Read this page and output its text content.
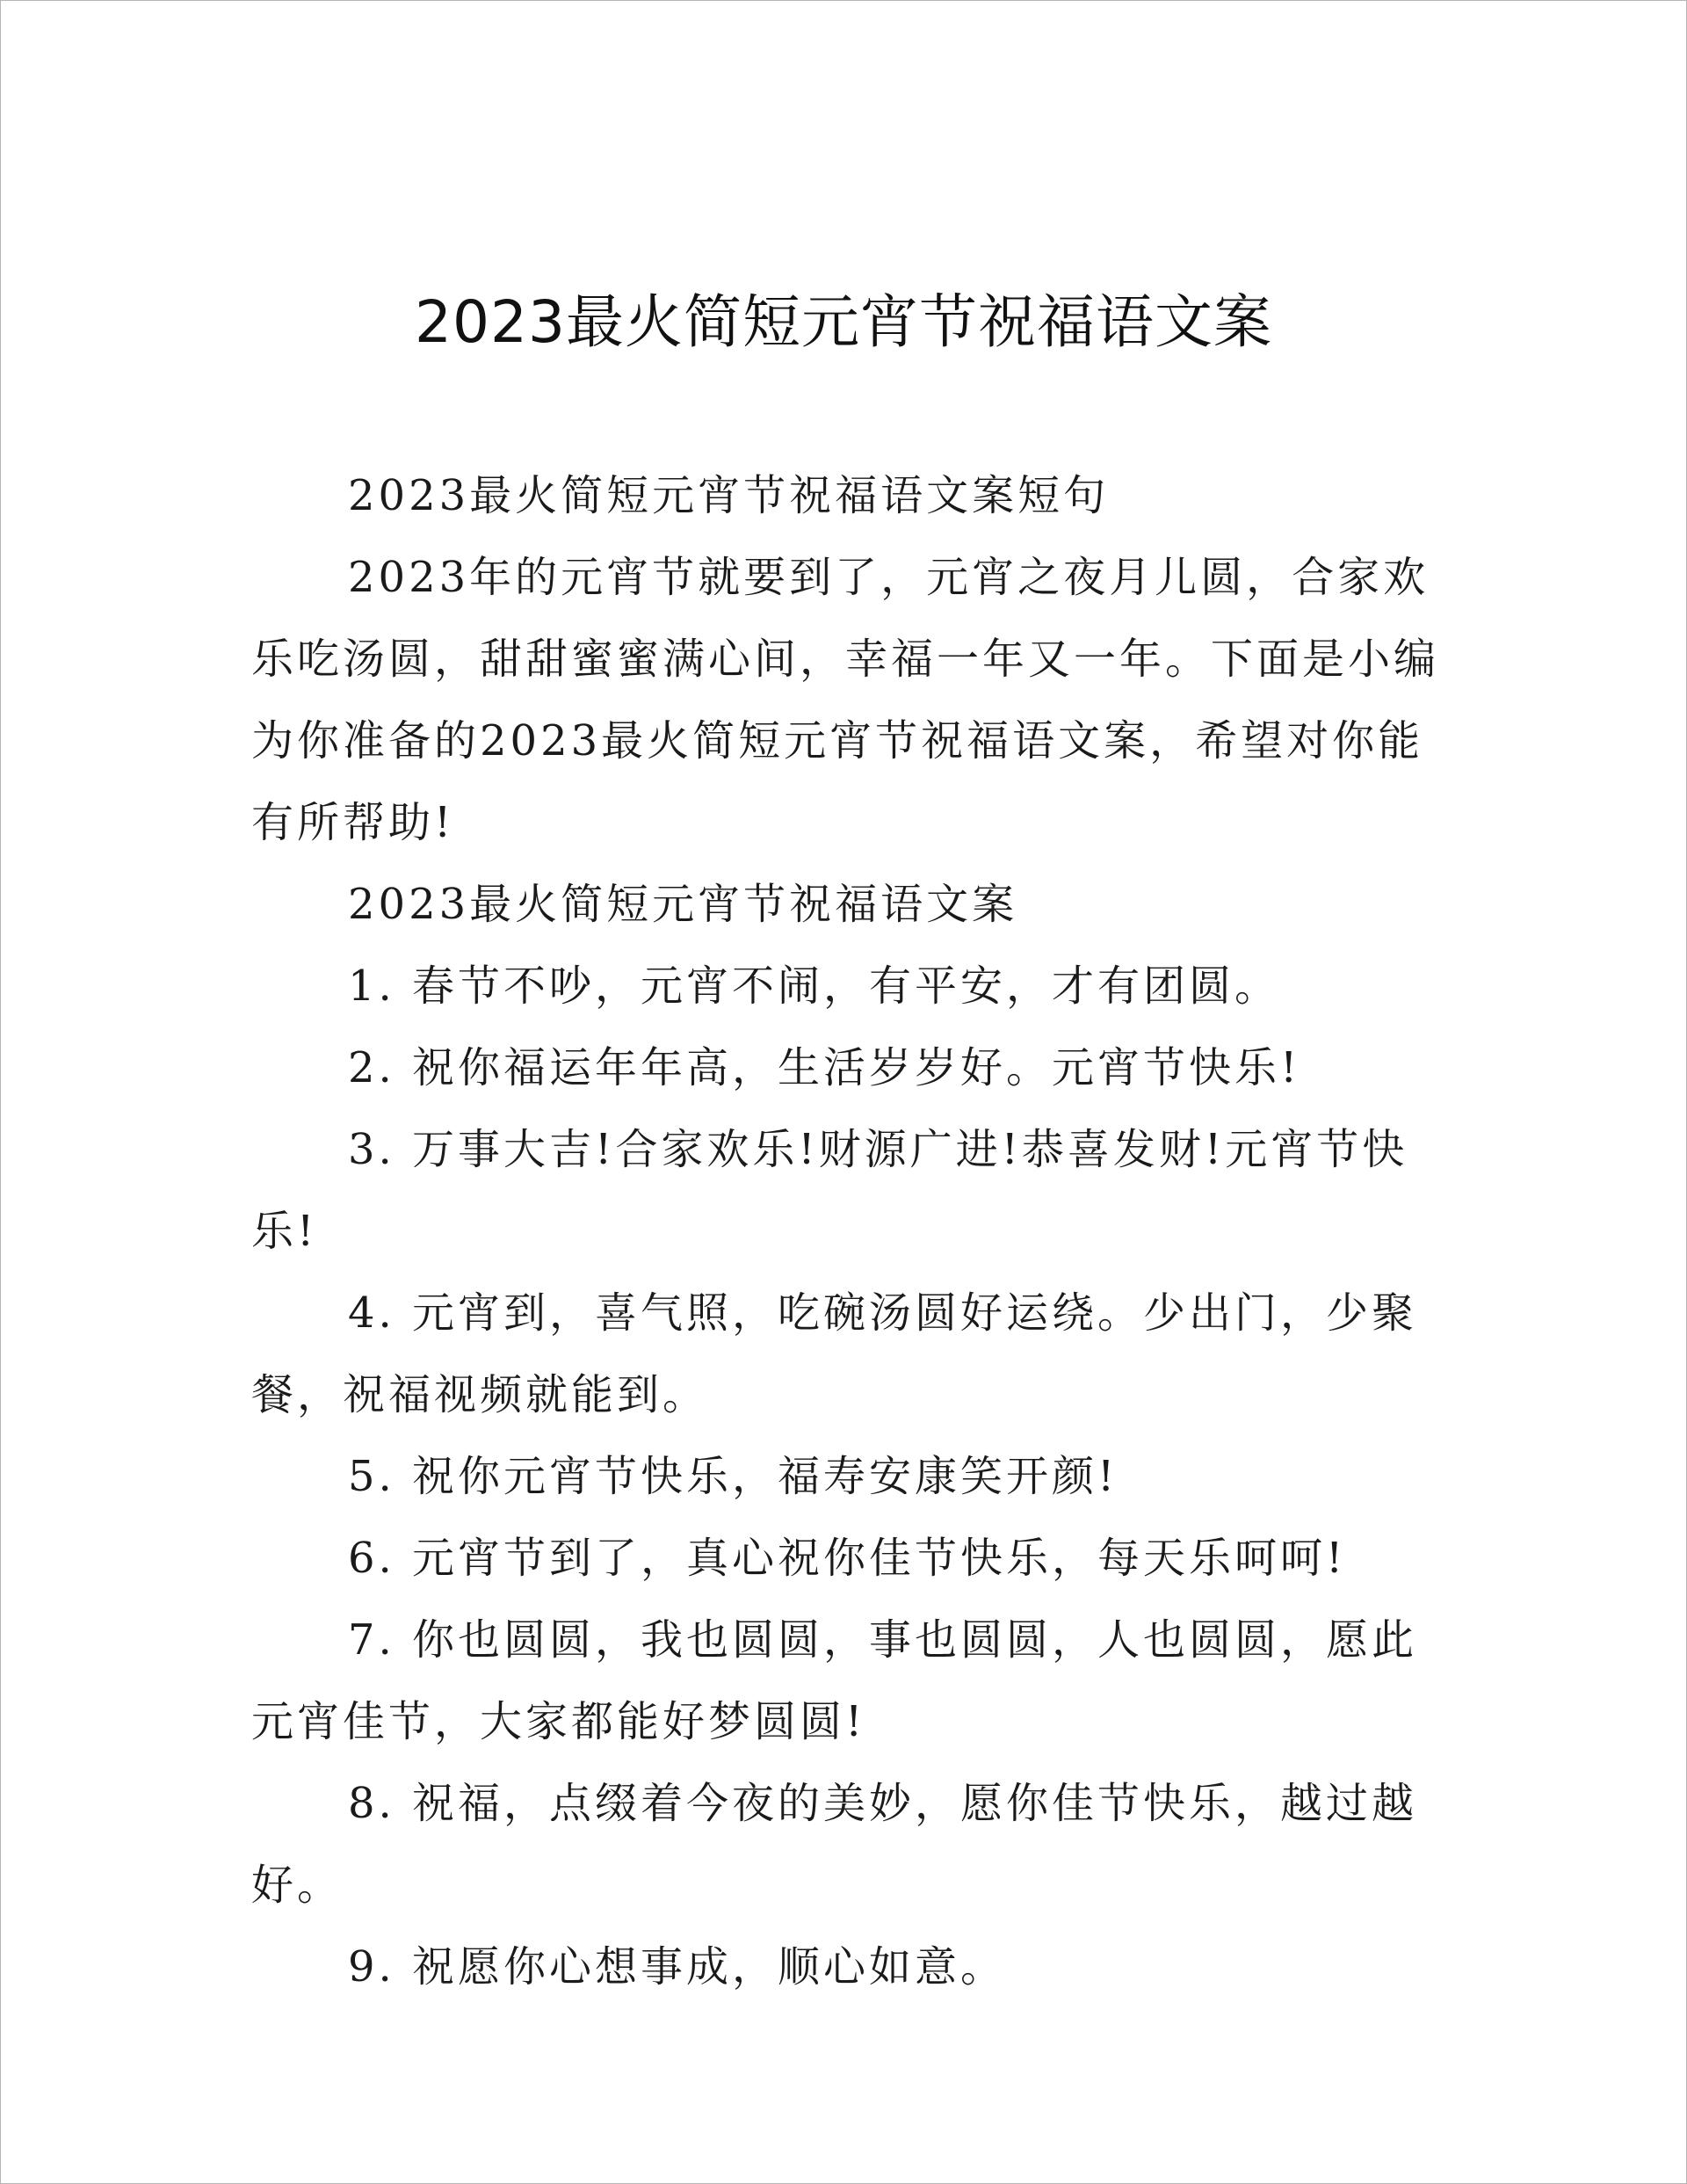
2023最火简短元宵节祝福语文案

2023最火简短元宵节祝福语文案短句

2023年的元宵节就要到了，元宵之夜月儿圆，合家欢乐吃汤圆，甜甜蜜蜜满心间，幸福一年又一年。下面是小编为你准备的2023最火简短元宵节祝福语文案，希望对你能有所帮助!

2023最火简短元宵节祝福语文案

1. 春节不吵，元宵不闹，有平安，才有团圆。

2. 祝你福运年年高，生活岁岁好。元宵节快乐!

3. 万事大吉!合家欢乐!财源广进!恭喜发财!元宵节快乐!

4. 元宵到，喜气照，吃碗汤圆好运绕。少出门，少聚餐，祝福视频就能到。

5. 祝你元宵节快乐，福寿安康笑开颜!

6. 元宵节到了，真心祝你佳节快乐，每天乐呵呵!

7. 你也圆圆，我也圆圆，事也圆圆，人也圆圆，愿此元宵佳节，大家都能好梦圆圆!

8. 祝福，点缀着今夜的美妙，愿你佳节快乐，越过越好。

9. 祝愿你心想事成，顺心如意。
